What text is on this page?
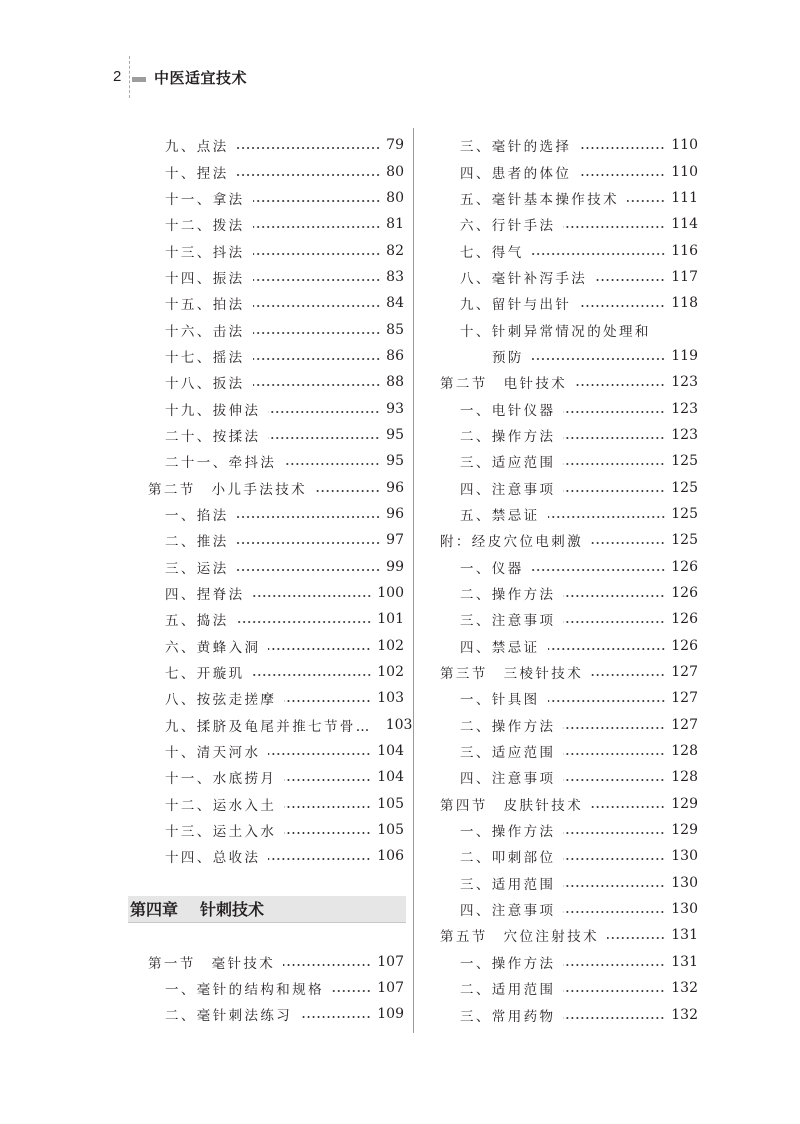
2 中医适宜技术
九、点法	79
十、捏法	80
十一、拿法	80
十二、拨法	81
十三、抖法	82
十四、振法	83
十五、拍法	84
十六、击法	85
十七、摇法	86
十八、扳法	88
十九、拔伸法	93
二十、按揉法	95
二十一、牵抖法	95
第二节　小儿手法技术	96
一、掐法	96
二、推法	97
三、运法	99
四、捏脊法	100
五、捣法	101
六、黄蜂入洞	102
七、开璇玑	102
八、按弦走搓摩	103
九、揉脐及龟尾并推七节骨… 103
十、清天河水	104
十一、水底捞月	104
十二、运水入土	105
十三、运土入水	105
十四、总收法	106
第四章 针刺技术
第一节　毫针技术	107
一、毫针的结构和规格	107
二、毫针刺法练习	109
三、毫针的选择	110
四、患者的体位	110
五、毫针基本操作技术	111
六、行针手法	114
七、得气	116
八、毫针补泻手法	117
九、留针与出针	118
十、针刺异常情况的处理和
预防	119
第二节　电针技术	123
一、电针仪器	123
二、操作方法	123
三、适应范围	125
四、注意事项	125
五、禁忌证	125
附：经皮穴位电刺激	125
一、仪器	126
二、操作方法	126
三、注意事项	126
四、禁忌证	126
第三节　三棱针技术	127
一、针具图	127
二、操作方法	127
三、适应范围	128
四、注意事项	128
第四节　皮肤针技术	129
一、操作方法	129
二、叩刺部位	130
三、适用范围	130
四、注意事项	130
第五节　穴位注射技术	131
一、操作方法	131
二、适用范围	132
三、常用药物	132
